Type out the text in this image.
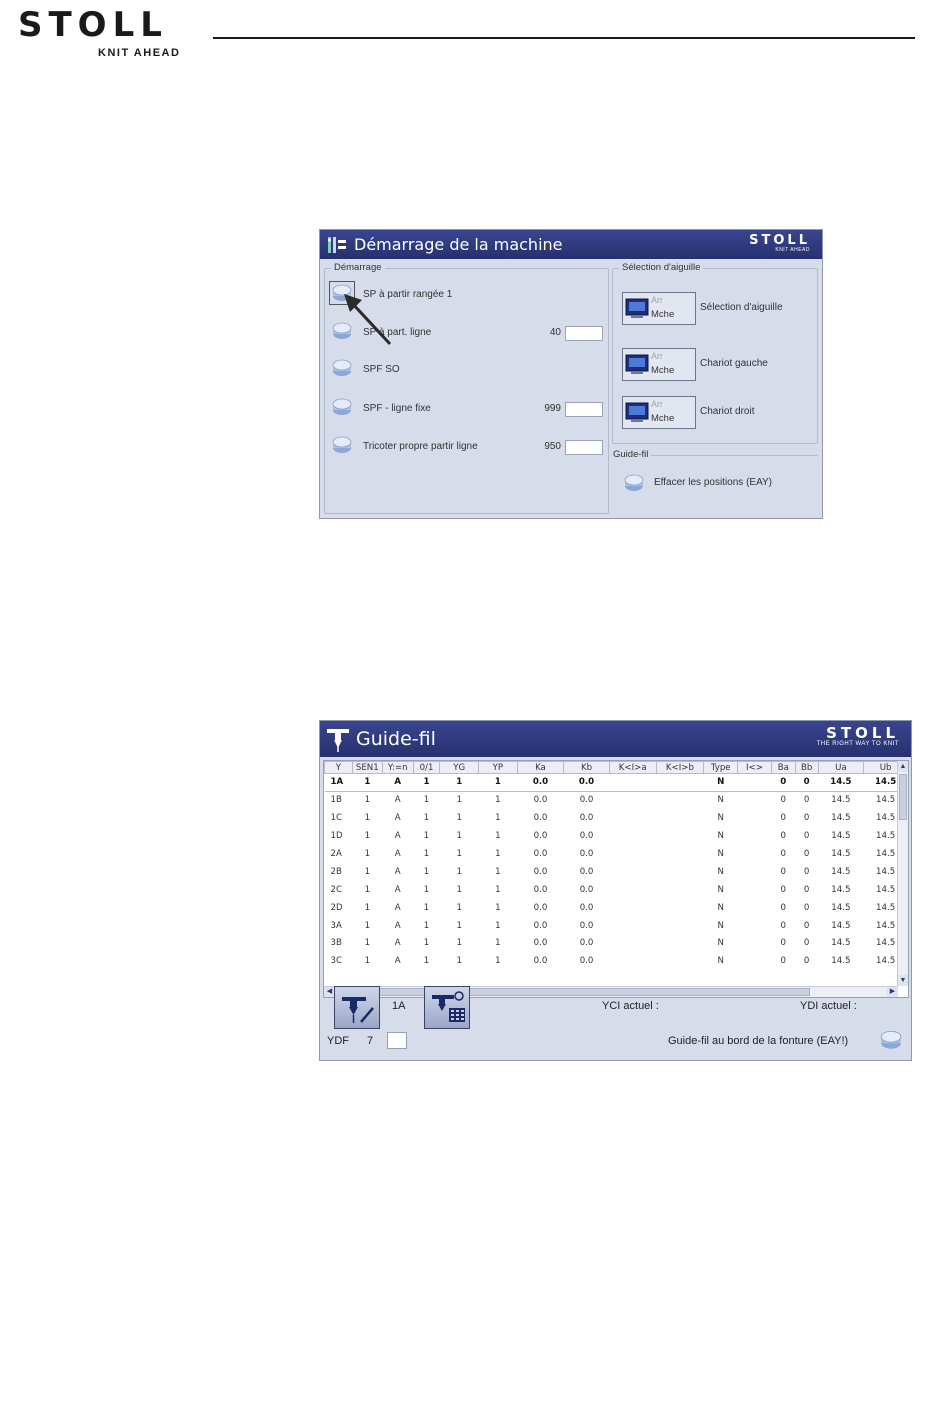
STOLL
KNIT AHEAD
Démarrage de la machine	STOLL
KNIT AHEAD
Démarrage
SP à partir rangée 1
SP à part. ligne	40
SPF SO
SPF - ligne fixe	999
Tricoter propre partir ligne	950
Sélection d'aiguille
Arr
Mche
Sélection d'aiguille
Arr
Mche
Chariot gauche
Arr
Mche
Chariot droit
Guide-fil
Effacer les positions (EAY)
Guide-fil	STOLL
THE RIGHT WAY TO KNIT
Y	SEN1	Y:=n	0/1	YG	YP	Ka	Kb	K<I>a	K<I>b	Type	I<>	Ba	Bb	Ua	Ub
1A	1	A	1	1	1	0.0	0.0			N		0	0	14.5	14.5
1B	1	A	1	1	1	0.0	0.0			N		0	0	14.5	14.5
1C	1	A	1	1	1	0.0	0.0			N		0	0	14.5	14.5
1D	1	A	1	1	1	0.0	0.0			N		0	0	14.5	14.5
2A	1	A	1	1	1	0.0	0.0			N		0	0	14.5	14.5
2B	1	A	1	1	1	0.0	0.0			N		0	0	14.5	14.5
2C	1	A	1	1	1	0.0	0.0			N		0	0	14.5	14.5
2D	1	A	1	1	1	0.0	0.0			N		0	0	14.5	14.5
3A	1	A	1	1	1	0.0	0.0			N		0	0	14.5	14.5
3B	1	A	1	1	1	0.0	0.0			N		0	0	14.5	14.5
3C	1	A	1	1	1	0.0	0.0			N		0	0	14.5	14.5
▲
▼
◀	▶
1A	YCI actuel :	YDI actuel :
YDF 7	Guide-fil au bord de la fonture (EAY!)
